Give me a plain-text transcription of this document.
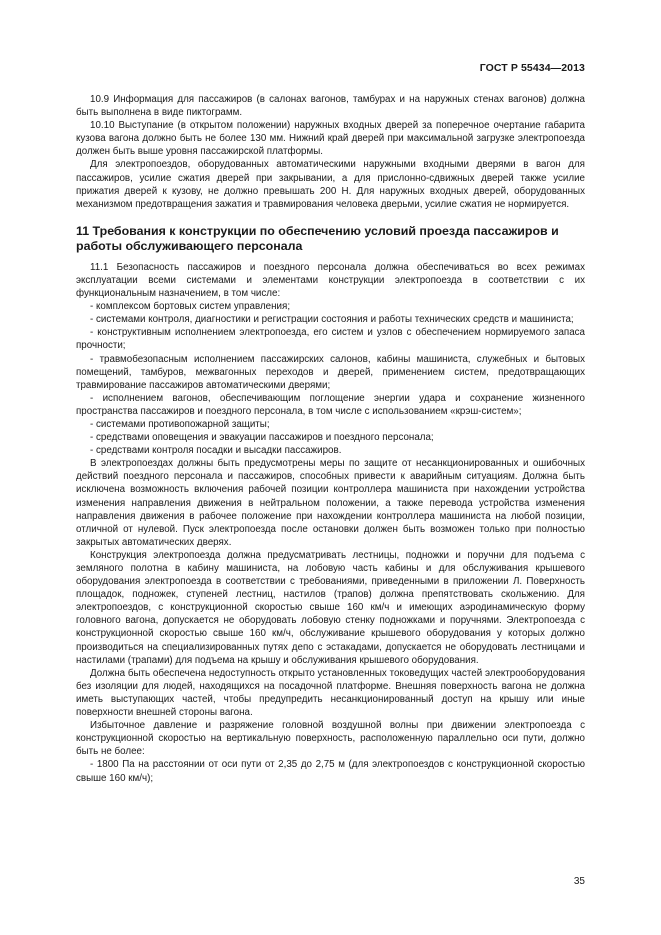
ГОСТ Р 55434—2013

10.9 Информация для пассажиров (в салонах вагонов, тамбурах и на наружных стенах вагонов) должна быть выполнена в виде пиктограмм.

10.10 Выступание (в открытом положении) наружных входных дверей за поперечное очертание габарита кузова вагона должно быть не более 130 мм. Нижний край дверей при максимальной загрузке электропоезда должен быть выше уровня пассажирской платформы.

Для электропоездов, оборудованных автоматическими наружными входными дверями в вагон для пассажиров, усилие сжатия дверей при закрывании, а для прислонно-сдвижных дверей также усилие прижатия дверей к кузову, не должно превышать 200 Н. Для наружных входных дверей, оборудованных механизмом предотвращения зажатия и травмирования человека дверьми, усилие сжатия не нормируется.

11 Требования к конструкции по обеспечению условий проезда пассажиров и работы обслуживающего персонала

11.1 Безопасность пассажиров и поездного персонала должна обеспечиваться во всех режимах эксплуатации всеми системами и элементами конструкции электропоезда в соответствии с их функциональным назначением, в том числе:

- комплексом бортовых систем управления;

- системами контроля, диагностики и регистрации состояния и работы технических средств и машиниста;

- конструктивным исполнением электропоезда, его систем и узлов с обеспечением нормируемого запаса прочности;

- травмобезопасным исполнением пассажирских салонов, кабины машиниста, служебных и бытовых помещений, тамбуров, межвагонных переходов и дверей, применением систем, предотвращающих травмирование пассажиров автоматическими дверями;

- исполнением вагонов, обеспечивающим поглощение энергии удара и сохранение жизненного пространства пассажиров и поездного персонала, в том числе с использованием «крэш-систем»;

- системами противопожарной защиты;

- средствами оповещения и эвакуации пассажиров и поездного персонала;

- средствами контроля посадки и высадки пассажиров.

В электропоездах должны быть предусмотрены меры по защите от несанкционированных и ошибочных действий поездного персонала и пассажиров, способных привести к аварийным ситуациям. Должна быть исключена возможность включения рабочей позиции контроллера машиниста при нахождении устройства изменения направления движения в нейтральном положении, а также перевода устройства изменения направления движения в рабочее положение при нахождении контроллера машиниста на любой позиции, отличной от нулевой. Пуск электропоезда после остановки должен быть возможен только при полностью закрытых автоматических дверях.

Конструкция электропоезда должна предусматривать лестницы, подножки и поручни для подъема с земляного полотна в кабину машиниста, на лобовую часть кабины и для обслуживания крышевого оборудования электропоезда в соответствии с требованиями, приведенными в приложении Л. Поверхность площадок, подножек, ступеней лестниц, настилов (трапов) должна препятствовать скольжению. Для электропоездов, с конструкционной скоростью свыше 160 км/ч и имеющих аэродинамическую форму головного вагона, допускается не оборудовать лобовую стенку подножками и поручнями. Электропоезда с конструкционной скоростью свыше 160 км/ч, обслуживание крышевого оборудования у которых должно производиться на специализированных путях депо с эстакадами, допускается не оборудовать лестницами и настилами (трапами) для подъема на крышу и обслуживания крышевого оборудования.

Должна быть обеспечена недоступность открыто установленных токоведущих частей электрооборудования без изоляции для людей, находящихся на посадочной платформе. Внешняя поверхность вагона не должна иметь выступающих частей, чтобы предупредить несанкционированный доступ на крышу или иные поверхности внешней стороны вагона.

Избыточное давление и разряжение головной воздушной волны при движении электропоезда с конструкционной скоростью на вертикальную поверхность, расположенную параллельно оси пути, должно быть не более:

- 1800 Па на расстоянии от оси пути от 2,35 до 2,75 м (для электропоездов с конструкционной скоростью свыше 160 км/ч);

35
